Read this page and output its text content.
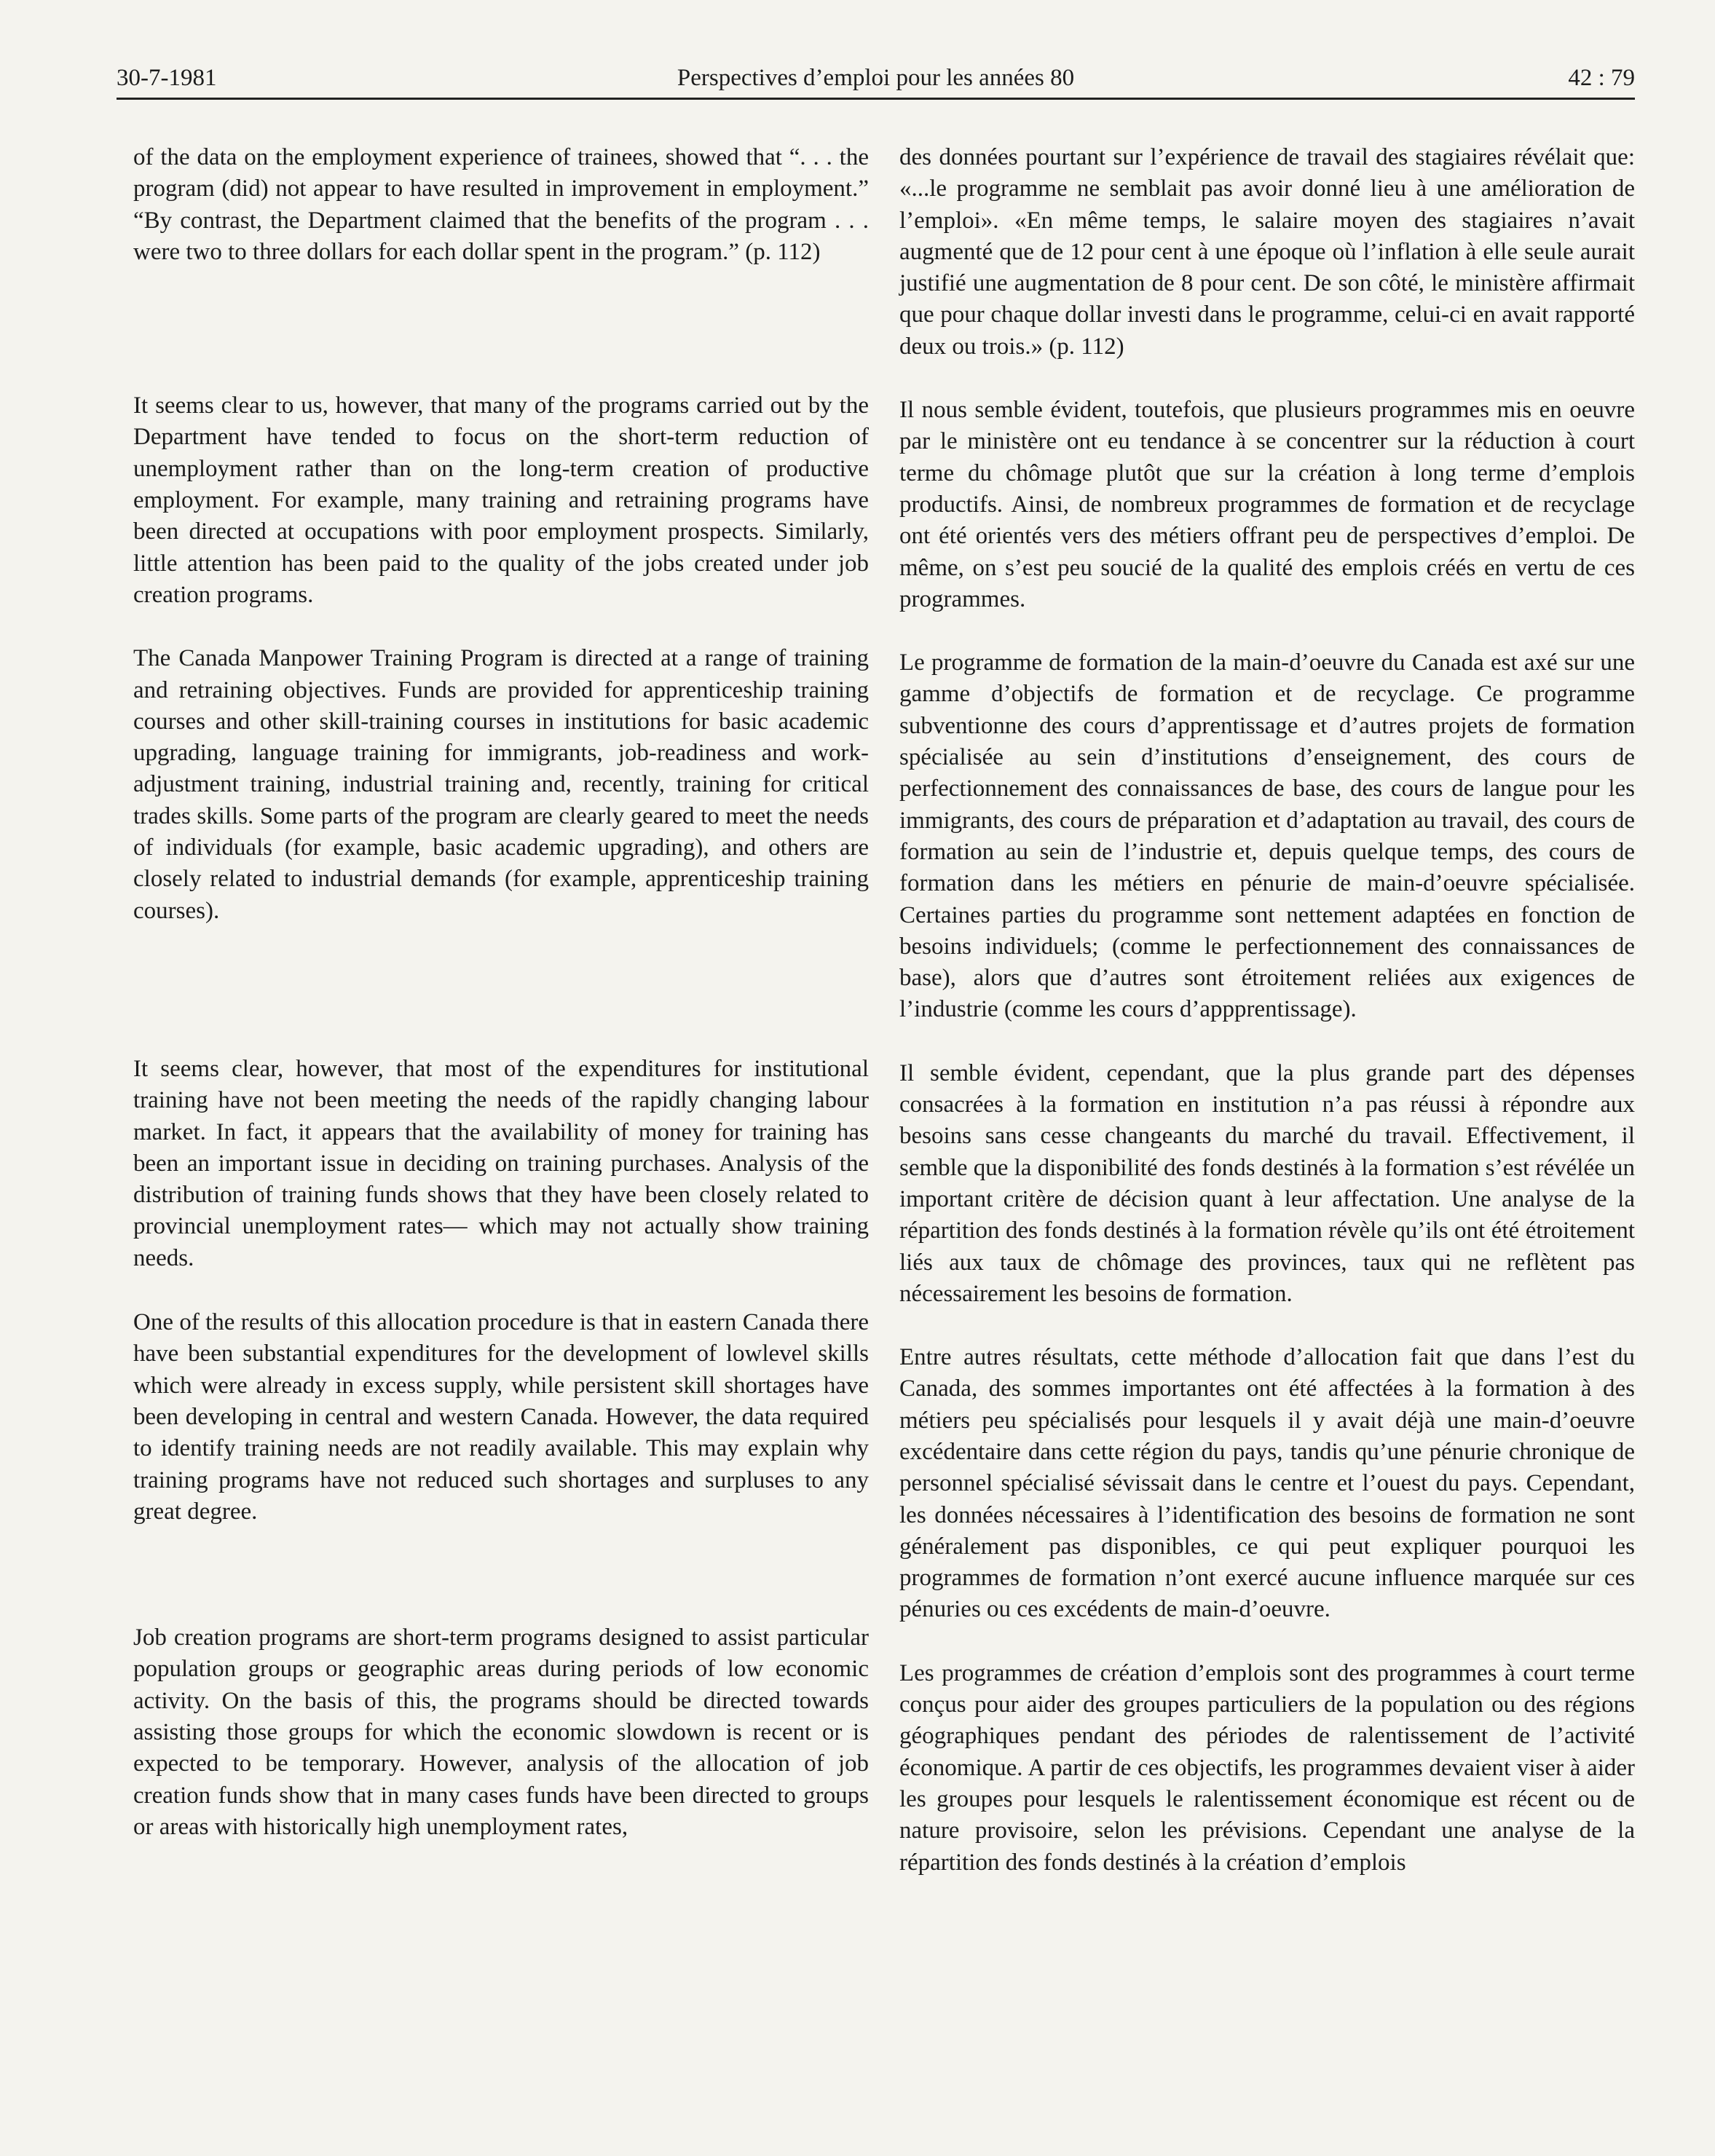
30-7-1981	Perspectives d’emploi pour les années 80	42 : 79

of the data on the employment experience of trainees, showed that “. . . the program (did) not appear to have resulted in improvement in employment.” “By contrast, the Department claimed that the benefits of the program . . . were two to three dollars for each dollar spent in the program.” (p. 112)

It seems clear to us, however, that many of the programs carried out by the Department have tended to focus on the short-term reduction of unemployment rather than on the long-term creation of productive employment. For example, many training and retraining programs have been directed at occupations with poor employment prospects. Similarly, little attention has been paid to the quality of the jobs created under job creation programs.

The Canada Manpower Training Program is directed at a range of training and retraining objectives. Funds are provided for apprenticeship training courses and other skill-training courses in institutions for basic academic upgrading, language training for immigrants, job-readiness and work-adjustment training, industrial training and, recently, training for critical trades skills. Some parts of the program are clearly geared to meet the needs of individuals (for example, basic academic upgrading), and others are closely related to industrial demands (for example, apprenticeship training courses).

It seems clear, however, that most of the expenditures for institutional training have not been meeting the needs of the rapidly changing labour market. In fact, it appears that the availability of money for training has been an important issue in deciding on training purchases. Analysis of the distribution of training funds shows that they have been closely related to provincial unemployment rates— which may not actually show training needs.

One of the results of this allocation procedure is that in eastern Canada there have been substantial expenditures for the development of lowlevel skills which were already in excess supply, while persistent skill shortages have been developing in central and western Canada. However, the data required to identify training needs are not readily available. This may explain why training programs have not reduced such shortages and surpluses to any great degree.

Job creation programs are short-term programs designed to assist particular population groups or geographic areas during periods of low economic activity. On the basis of this, the programs should be directed towards assisting those groups for which the economic slowdown is recent or is expected to be temporary. However, analysis of the allocation of job creation funds show that in many cases funds have been directed to groups or areas with historically high unemployment rates,

des données pourtant sur l’expérience de travail des stagiaires révélait que: «...le programme ne semblait pas avoir donné lieu à une amélioration de l’emploi». «En même temps, le salaire moyen des stagiaires n’avait augmenté que de 12 pour cent à une époque où l’inflation à elle seule aurait justifié une augmentation de 8 pour cent. De son côté, le ministère affirmait que pour chaque dollar investi dans le programme, celui-ci en avait rapporté deux ou trois.» (p. 112)

Il nous semble évident, toutefois, que plusieurs programmes mis en oeuvre par le ministère ont eu tendance à se concentrer sur la réduction à court terme du chômage plutôt que sur la création à long terme d’emplois productifs. Ainsi, de nombreux programmes de formation et de recyclage ont été orientés vers des métiers offrant peu de perspectives d’emploi. De même, on s’est peu soucié de la qualité des emplois créés en vertu de ces programmes.

Le programme de formation de la main-d’oeuvre du Canada est axé sur une gamme d’objectifs de formation et de recyclage. Ce programme subventionne des cours d’apprentissage et d’autres projets de formation spécialisée au sein d’institutions d’enseignement, des cours de perfectionnement des connaissances de base, des cours de langue pour les immigrants, des cours de préparation et d’adaptation au travail, des cours de formation au sein de l’industrie et, depuis quelque temps, des cours de formation dans les métiers en pénurie de main-d’oeuvre spécialisée. Certaines parties du programme sont nettement adaptées en fonction de besoins individuels; (comme le perfectionnement des connaissances de base), alors que d’autres sont étroitement reliées aux exigences de l’industrie (comme les cours d’appprentissage).

Il semble évident, cependant, que la plus grande part des dépenses consacrées à la formation en institution n’a pas réussi à répondre aux besoins sans cesse changeants du marché du travail. Effectivement, il semble que la disponibilité des fonds destinés à la formation s’est révélée un important critère de décision quant à leur affectation. Une analyse de la répartition des fonds destinés à la formation révèle qu’ils ont été étroitement liés aux taux de chômage des provinces, taux qui ne reflètent pas nécessairement les besoins de formation.

Entre autres résultats, cette méthode d’allocation fait que dans l’est du Canada, des sommes importantes ont été affectées à la formation à des métiers peu spécialisés pour lesquels il y avait déjà une main-d’oeuvre excédentaire dans cette région du pays, tandis qu’une pénurie chronique de personnel spécialisé sévissait dans le centre et l’ouest du pays. Cependant, les données nécessaires à l’identification des besoins de formation ne sont généralement pas disponibles, ce qui peut expliquer pourquoi les programmes de formation n’ont exercé aucune influence marquée sur ces pénuries ou ces excédents de main-d’oeuvre.

Les programmes de création d’emplois sont des programmes à court terme conçus pour aider des groupes particuliers de la population ou des régions géographiques pendant des périodes de ralentissement de l’activité économique. A partir de ces objectifs, les programmes devaient viser à aider les groupes pour lesquels le ralentissement économique est récent ou de nature provisoire, selon les prévisions. Cependant une analyse de la répartition des fonds destinés à la création d’emplois
